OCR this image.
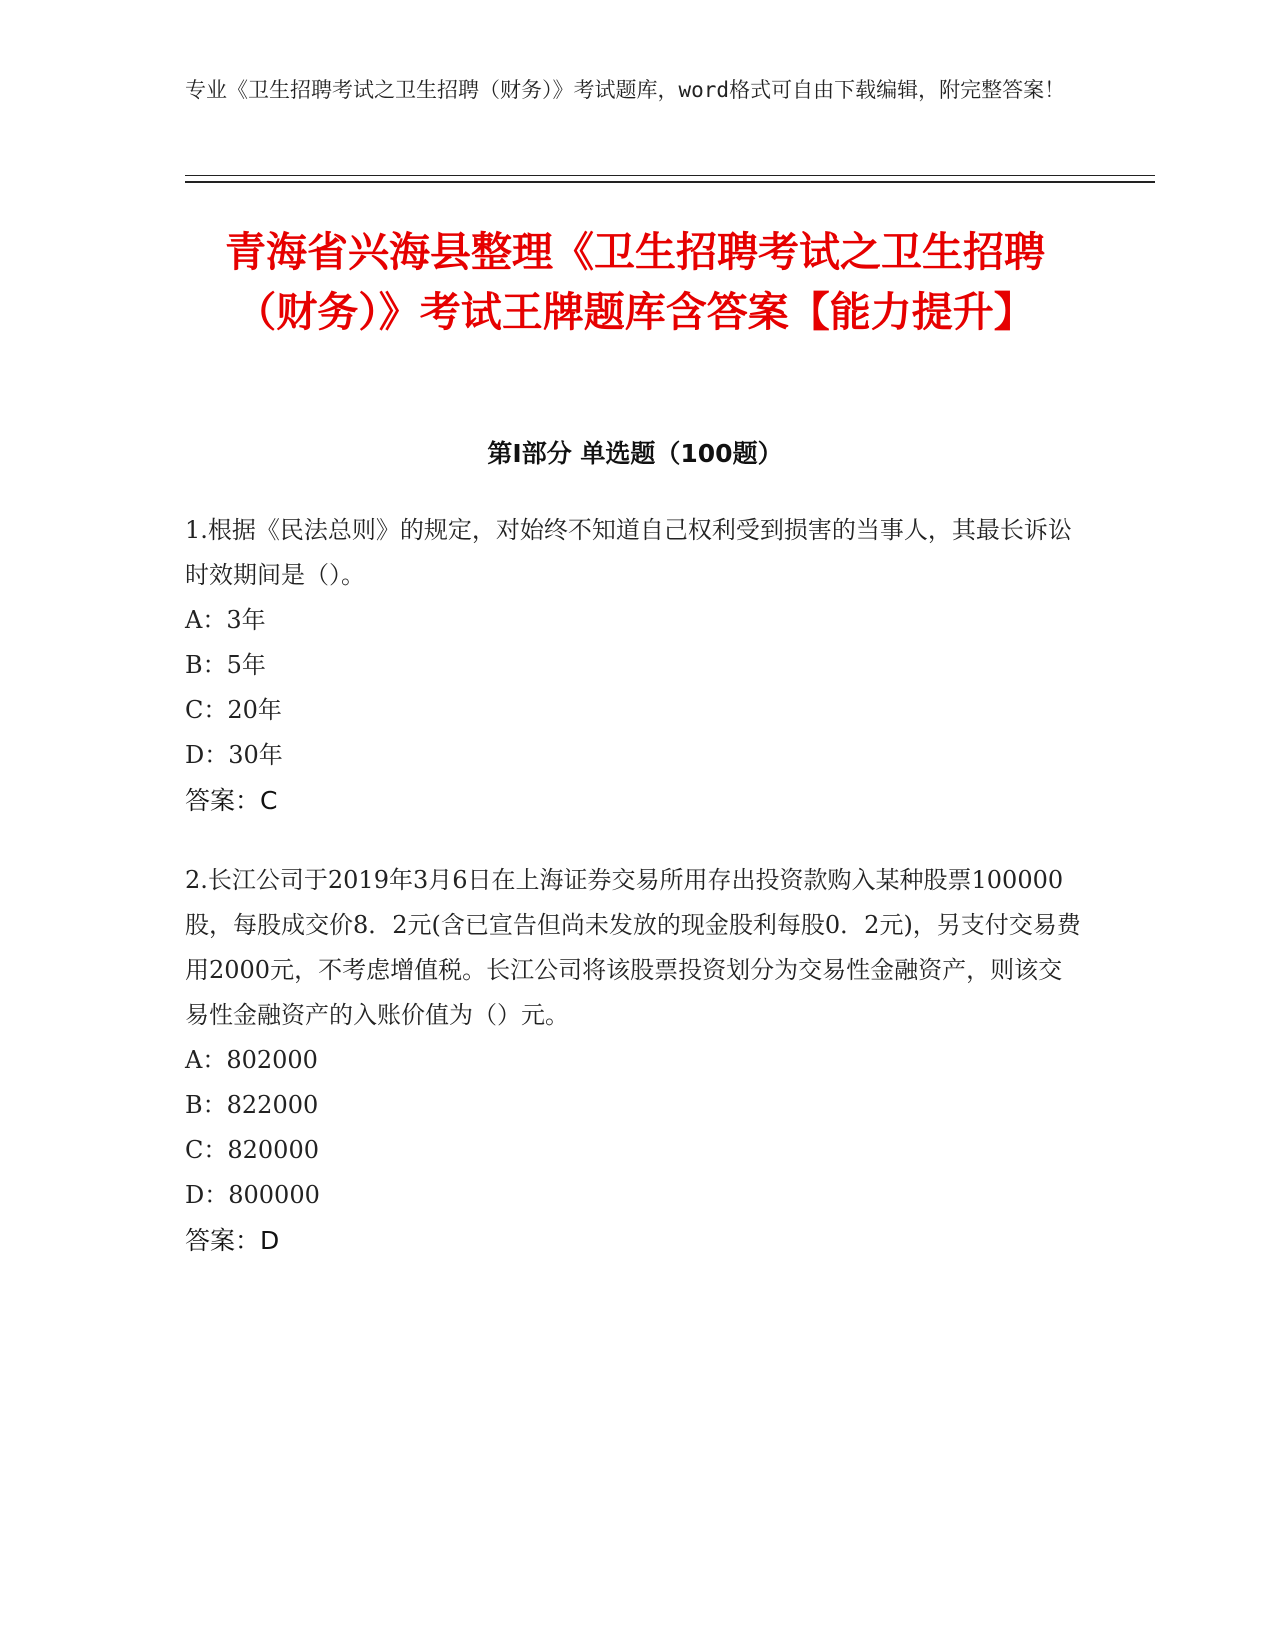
专业《卫生招聘考试之卫生招聘（财务）》考试题库，word格式可自由下载编辑，附完整答案！
青海省兴海县整理《卫生招聘考试之卫生招聘（财务）》考试王牌题库含答案【能力提升】
第Ⅰ部分 单选题（100题）
1.根据《民法总则》的规定，对始终不知道自己权利受到损害的当事人，其最长诉讼时效期间是（）。
A：3年
B：5年
C：20年
D：30年
答案：C
2.长江公司于2019年3月6日在上海证券交易所用存出投资款购入某种股票100000股，每股成交价8．2元(含已宣告但尚未发放的现金股利每股0．2元)，另支付交易费用2000元，不考虑增值税。长江公司将该股票投资划分为交易性金融资产，则该交易性金融资产的入账价值为（）元。
A：802000
B：822000
C：820000
D：800000
答案：D
